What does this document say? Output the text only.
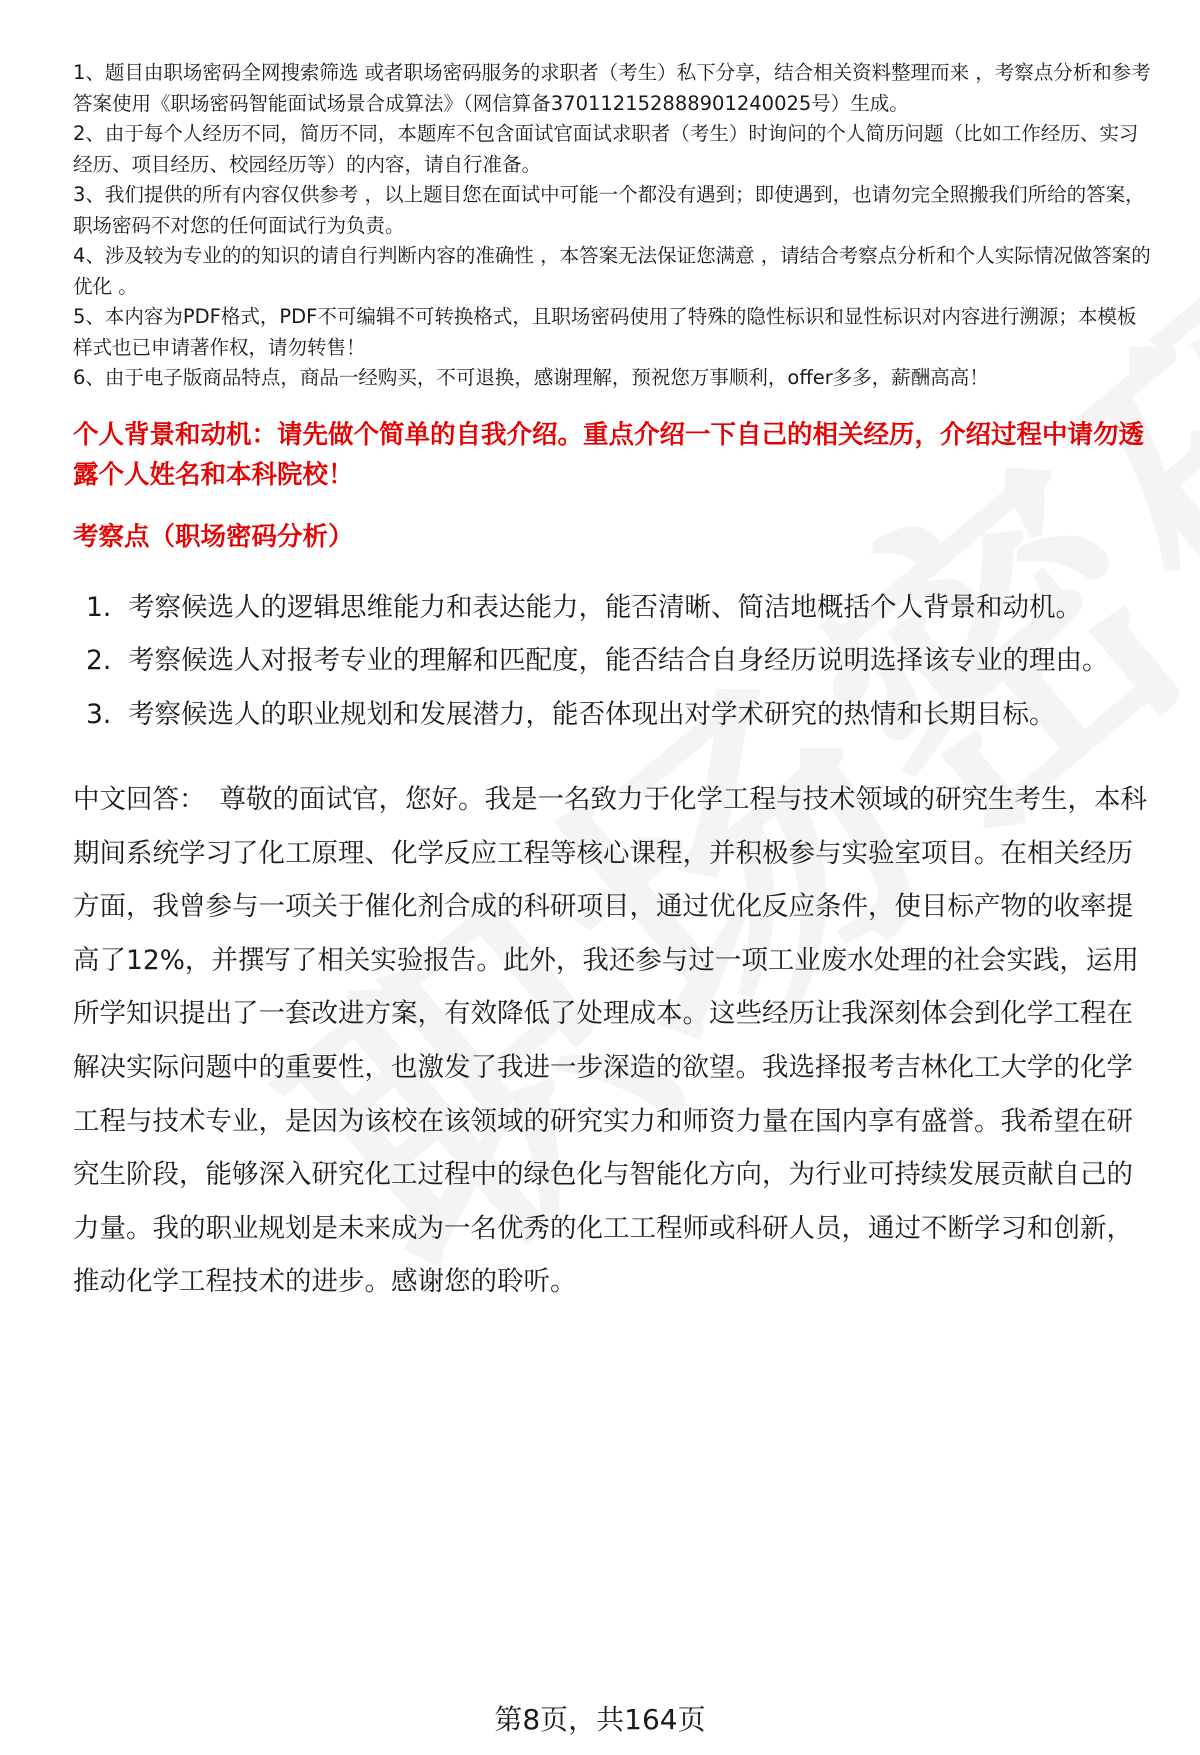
1、题目由职场密码全网搜索筛选 或者职场密码服务的求职者（考生）私下分享，结合相关资料整理而来 ，考察点分析和参考答案使用《职场密码智能面试场景合成算法》（网信算备370112152888901240025号）生成。

2、由于每个人经历不同，简历不同，本题库不包含面试官面试求职者（考生）时询问的个人简历问题（比如工作经历、实习经历、项目经历、校园经历等）的内容，请自行准备。

3、我们提供的所有内容仅供参考 ，以上题目您在面试中可能一个都没有遇到；即使遇到，也请勿完全照搬我们所给的答案，职场密码不对您的任何面试行为负责。

4、涉及较为专业的的知识的请自行判断内容的准确性 ，本答案无法保证您满意 ，请结合考察点分析和个人实际情况做答案的优化 。

5、本内容为PDF格式，PDF不可编辑不可转换格式，且职场密码使用了特殊的隐性标识和显性标识对内容进行溯源；本模板样式也已申请著作权，请勿转售！

6、由于电子版商品特点，商品一经购买，不可退换，感谢理解，预祝您万事顺利，offer多多，薪酬高高！

个人背景和动机：请先做个简单的自我介绍。重点介绍一下自己的相关经历，介绍过程中请勿透露个人姓名和本科院校！
考察点（职场密码分析）
1. 考察候选人的逻辑思维能力和表达能力，能否清晰、简洁地概括个人背景和动机。
2. 考察候选人对报考专业的理解和匹配度，能否结合自身经历说明选择该专业的理由。
3. 考察候选人的职业规划和发展潜力，能否体现出对学术研究的热情和长期目标。
中文回答： 尊敬的面试官，您好。我是一名致力于化学工程与技术领域的研究生考生，本科期间系统学习了化工原理、化学反应工程等核心课程，并积极参与实验室项目。在相关经历方面，我曾参与一项关于催化剂合成的科研项目，通过优化反应条件，使目标产物的收率提高了12%，并撰写了相关实验报告。此外，我还参与过一项工业废水处理的社会实践，运用所学知识提出了一套改进方案，有效降低了处理成本。这些经历让我深刻体会到化学工程在解决实际问题中的重要性，也激发了我进一步深造的欲望。我选择报考吉林化工大学的化学工程与技术专业，是因为该校在该领域的研究实力和师资力量在国内享有盛誉。我希望在研究生阶段，能够深入研究化工过程中的绿色化与智能化方向，为行业可持续发展贡献自己的力量。我的职业规划是未来成为一名优秀的化工工程师或科研人员，通过不断学习和创新，推动化学工程技术的进步。感谢您的聆听。
第8页，共164页
